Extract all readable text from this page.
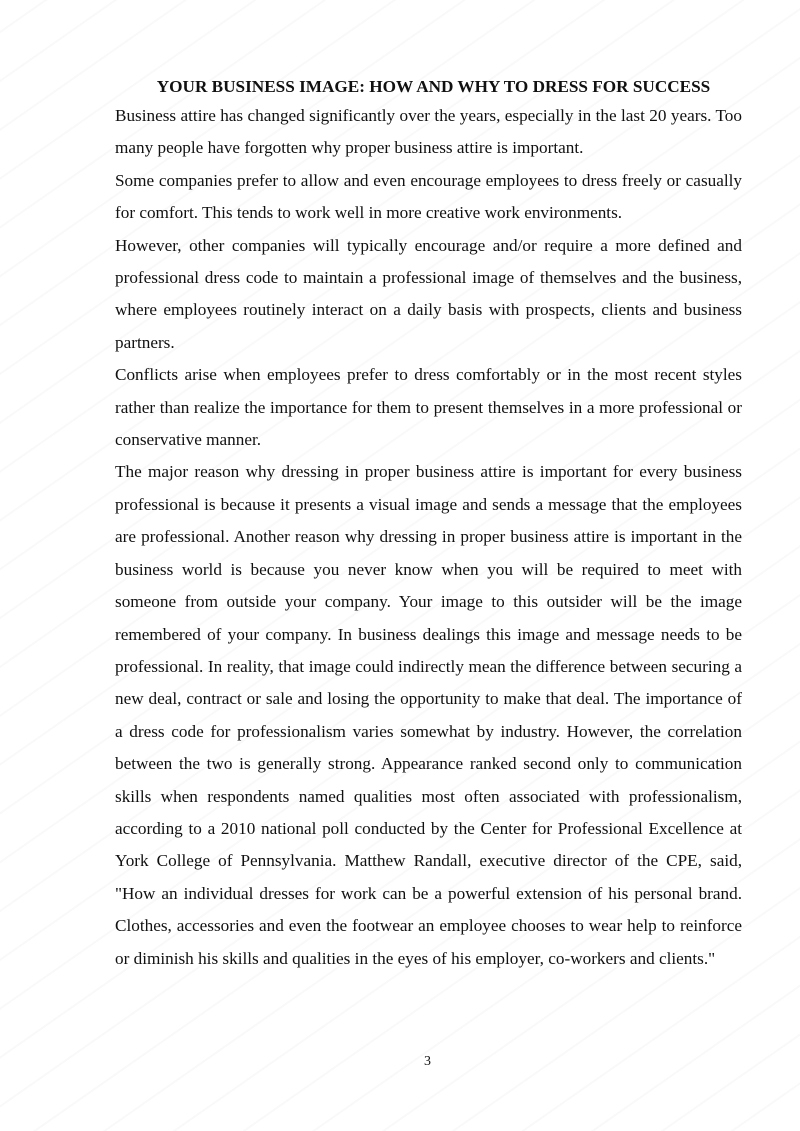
YOUR BUSINESS IMAGE: HOW AND WHY TO DRESS FOR SUCCESS

Business attire has changed significantly over the years, especially in the last 20 years. Too many people have forgotten why proper business attire is important.

Some companies prefer to allow and even encourage employees to dress freely or casually for comfort. This tends to work well in more creative work environments.

However, other companies will typically encourage and/or require a more defined and professional dress code to maintain a professional image of themselves and the business, where employees routinely interact on a daily basis with prospects, clients and business partners.

Conflicts arise when employees prefer to dress comfortably or in the most recent styles rather than realize the importance for them to present themselves in a more professional or conservative manner.

The major reason why dressing in proper business attire is important for every business professional is because it presents a visual image and sends a message that the employees are professional. Another reason why dressing in proper business attire is important in the business world is because you never know when you will be required to meet with someone from outside your company. Your image to this outsider will be the image remembered of your company. In business dealings this image and message needs to be professional. In reality, that image could indirectly mean the difference between securing a new deal, contract or sale and losing the opportunity to make that deal. The importance of a dress code for professionalism varies somewhat by industry. However, the correlation between the two is generally strong. Appearance ranked second only to communication skills when respondents named qualities most often associated with professionalism, according to a 2010 national poll conducted by the Center for Professional Excellence at York College of Pennsylvania. Matthew Randall, executive director of the CPE, said, "How an individual dresses for work can be a powerful extension of his personal brand. Clothes, accessories and even the footwear an employee chooses to wear help to reinforce or diminish his skills and qualities in the eyes of his employer, co-workers and clients."

3
